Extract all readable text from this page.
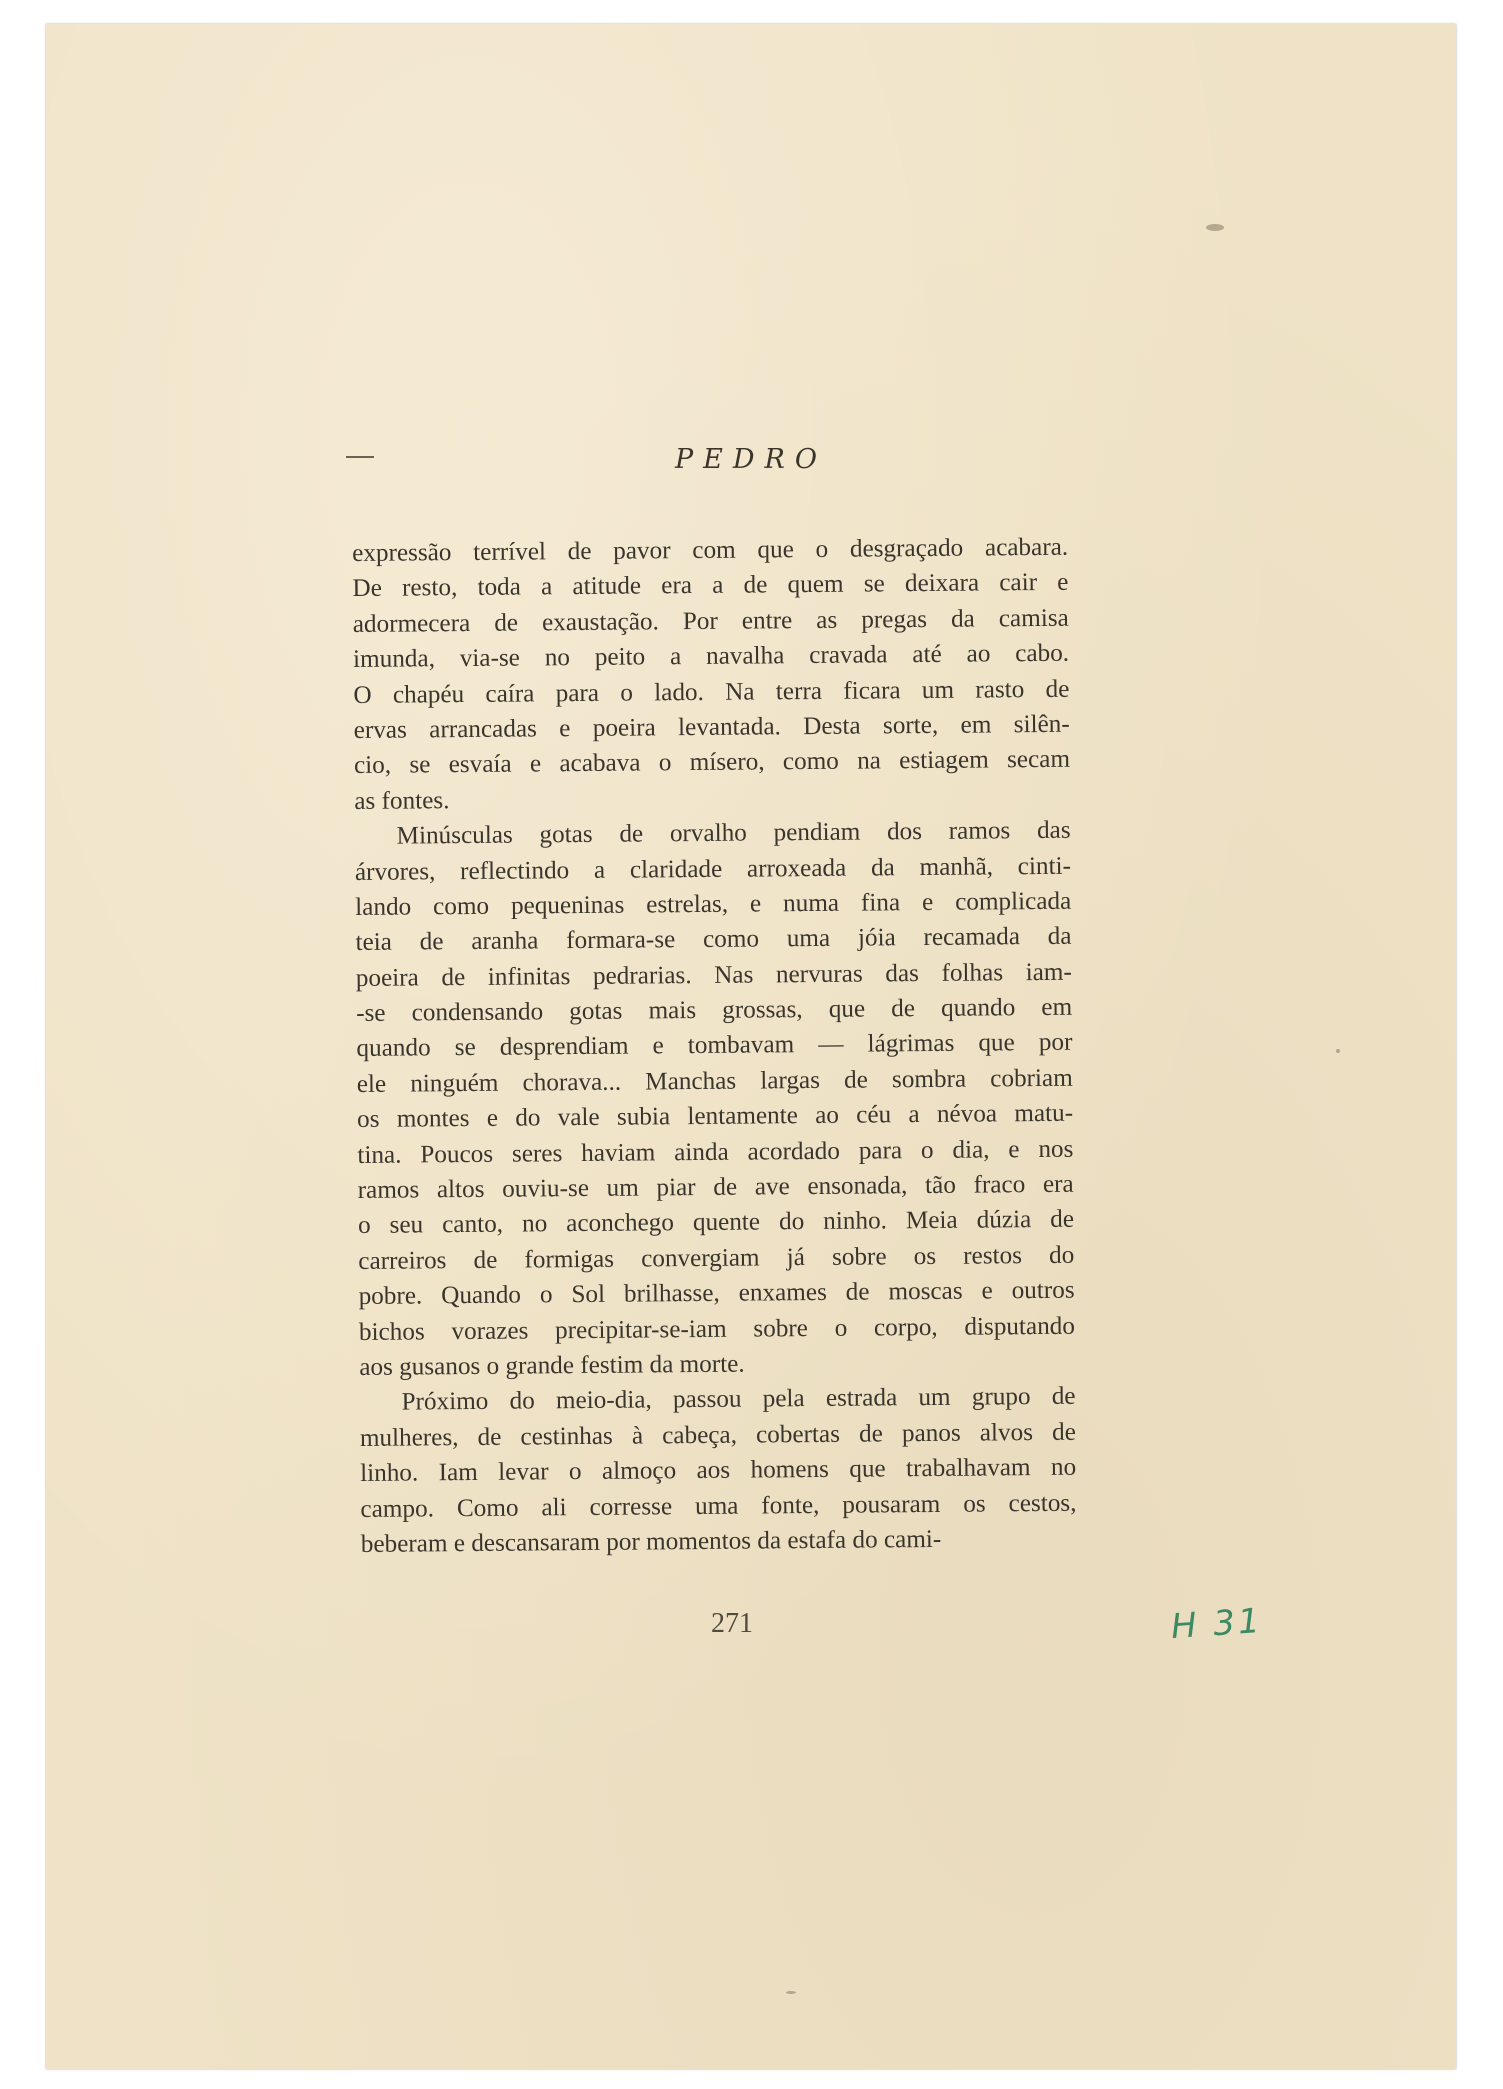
PEDRO
expressão terrível de pavor com que o desgraçado acabara.
De resto, toda a atitude era a de quem se deixara cair e
adormecera de exaustação. Por entre as pregas da camisa
imunda, via-se no peito a navalha cravada até ao cabo.
O chapéu caíra para o lado. Na terra ficara um rasto de
ervas arrancadas e poeira levantada. Desta sorte, em silên-
cio, se esvaía e acabava o mísero, como na estiagem secam
as fontes.
Minúsculas gotas de orvalho pendiam dos ramos das
árvores, reflectindo a claridade arroxeada da manhã, cinti-
lando como pequeninas estrelas, e numa fina e complicada
teia de aranha formara-se como uma jóia recamada da
poeira de infinitas pedrarias. Nas nervuras das folhas iam-
-se condensando gotas mais grossas, que de quando em
quando se desprendiam e tombavam — lágrimas que por
ele ninguém chorava... Manchas largas de sombra cobriam
os montes e do vale subia lentamente ao céu a névoa matu-
tina. Poucos seres haviam ainda acordado para o dia, e nos
ramos altos ouviu-se um piar de ave ensonada, tão fraco era
o seu canto, no aconchego quente do ninho. Meia dúzia de
carreiros de formigas convergiam já sobre os restos do
pobre. Quando o Sol brilhasse, enxames de moscas e outros
bichos vorazes precipitar-se-iam sobre o corpo, disputando
aos gusanos o grande festim da morte.
Próximo do meio-dia, passou pela estrada um grupo de
mulheres, de cestinhas à cabeça, cobertas de panos alvos de
linho. Iam levar o almoço aos homens que trabalhavam no
campo. Como ali corresse uma fonte, pousaram os cestos,
beberam e descansaram por momentos da estafa do cami-
271	H 31
